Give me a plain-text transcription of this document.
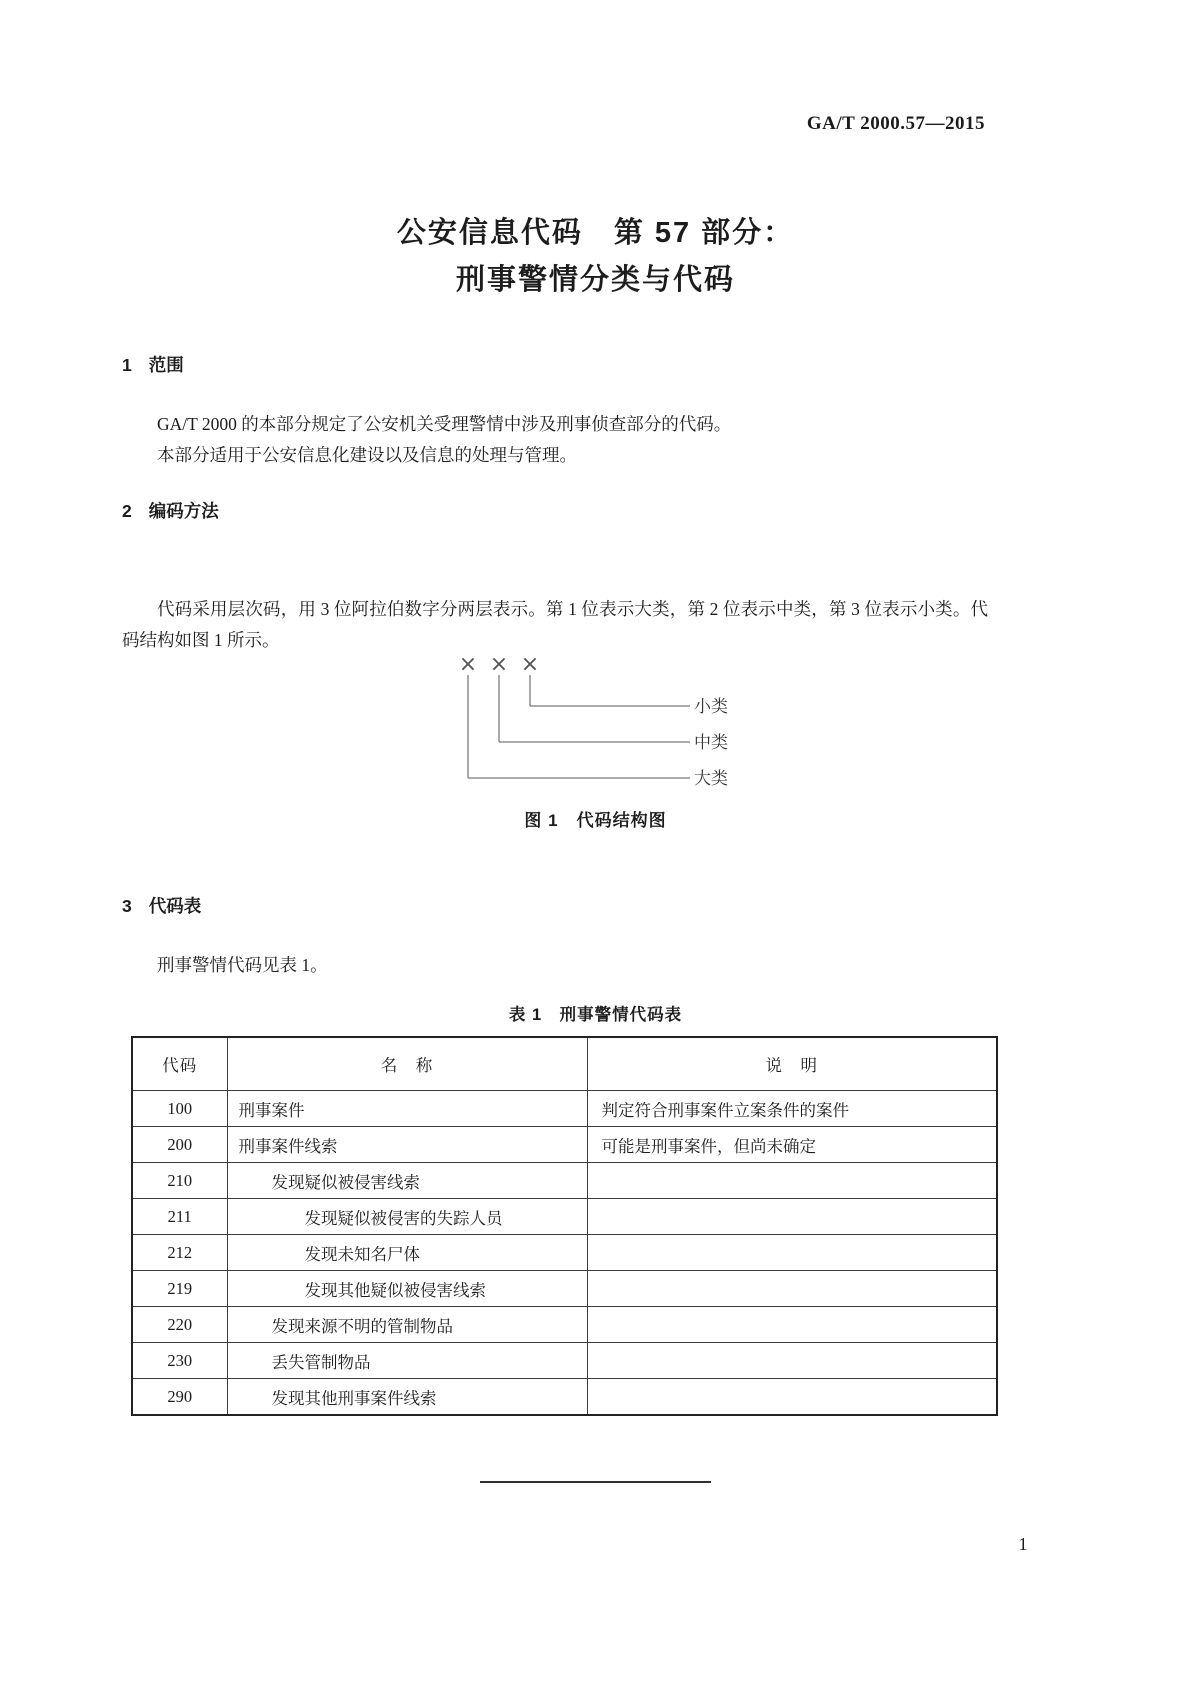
GA/T 2000.57—2015
公安信息代码　第 57 部分：
刑事警情分类与代码
1 范围
GA/T 2000 的本部分规定了公安机关受理警情中涉及刑事侦查部分的代码。
本部分适用于公安信息化建设以及信息的处理与管理。
2 编码方法
代码采用层次码，用 3 位阿拉伯数字分两层表示。第 1 位表示大类，第 2 位表示中类，第 3 位表示小类。代码结构如图 1 所示。
× × ×
小类
中类
大类
图 1　代码结构图
3 代码表
刑事警情代码见表 1。
表 1　刑事警情代码表
代码	名　称	说　明
100	刑事案件	判定符合刑事案件立案条件的案件
200	刑事案件线索	可能是刑事案件，但尚未确定
210	发现疑似被侵害线索	
211	发现疑似被侵害的失踪人员	
212	发现未知名尸体	
219	发现其他疑似被侵害线索	
220	发现来源不明的管制物品	
230	丢失管制物品	
290	发现其他刑事案件线索	
1
